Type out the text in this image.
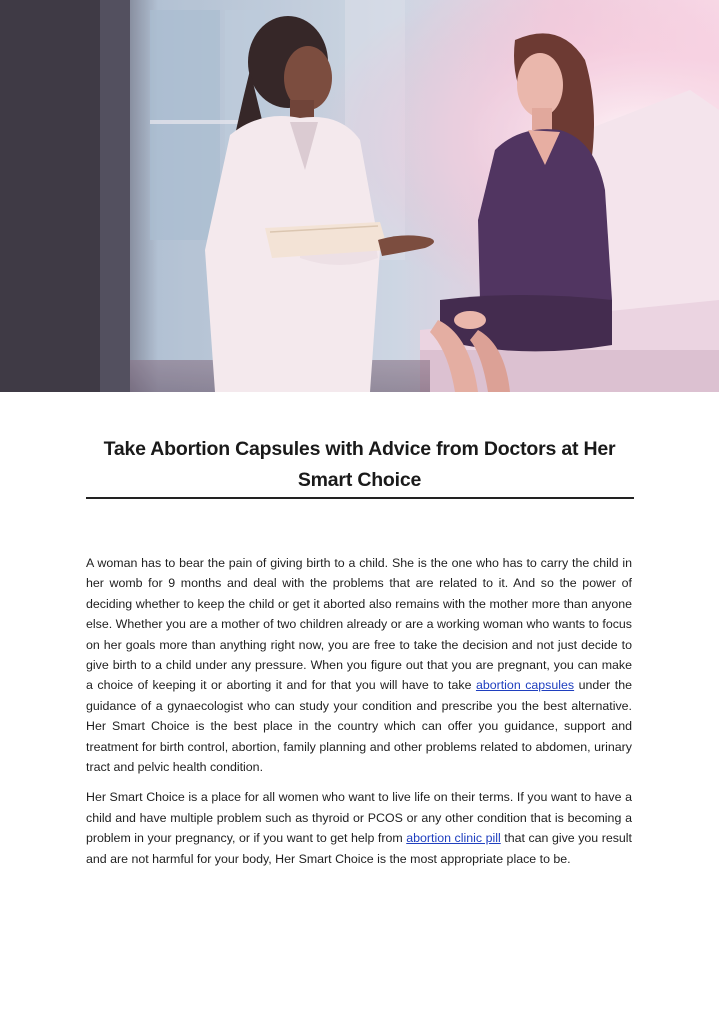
Take Abortion Capsules with Advice from Doctors at Her
Smart Choice

A woman has to bear the pain of giving birth to a child. She is the one who has to carry the child in her womb for 9 months and deal with the problems that are related to it. And so the power of deciding whether to keep the child or get it aborted also remains with the mother more than anyone else. Whether you are a mother of two children already or are a working woman who wants to focus on her goals more than anything right now, you are free to take the decision and not just decide to give birth to a child under any pressure. When you figure out that you are pregnant, you can make a choice of keeping it or aborting it and for that you will have to take abortion capsules under the guidance of a gynaecologist who can study your condition and prescribe you the best alternative. Her Smart Choice is the best place in the country which can offer you guidance, support and treatment for birth control, abortion, family planning and other problems related to abdomen, urinary tract and pelvic health condition.

Her Smart Choice is a place for all women who want to live life on their terms. If you want to have a child and have multiple problem such as thyroid or PCOS or any other condition that is becoming a problem in your pregnancy, or if you want to get help from abortion clinic pill that can give you result and are not harmful for your body, Her Smart Choice is the most appropriate place to be.
